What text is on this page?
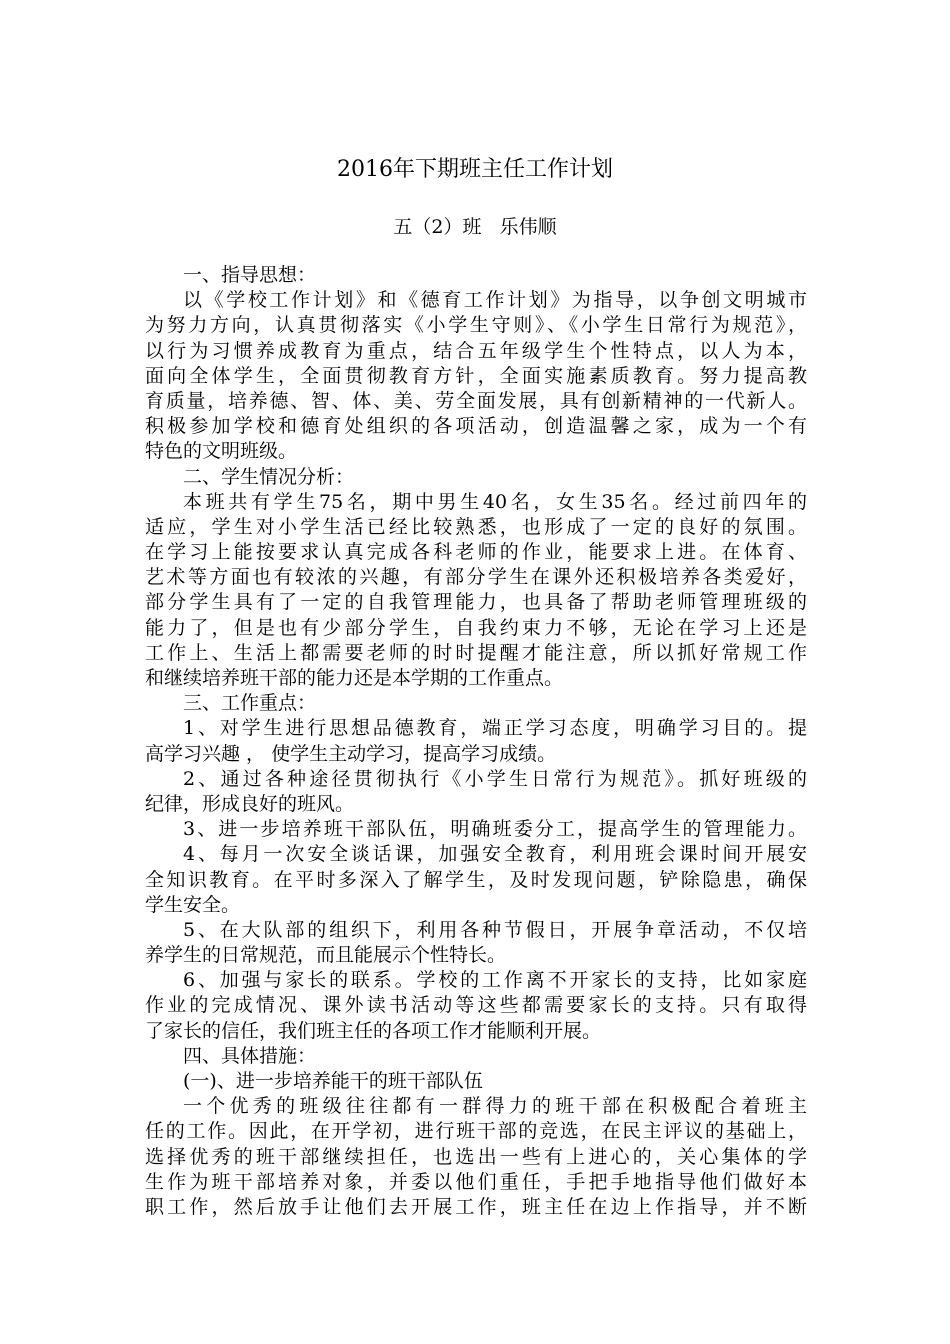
2016年下期班主任工作计划
五（2）班   乐伟顺
一、指导思想：
以《学校工作计划》和《德育工作计划》为指导，以争创文明城市
为努力方向，认真贯彻落实《小学生守则》、《小学生日常行为规范》，
以行为习惯养成教育为重点，结合五年级学生个性特点，以人为本，
面向全体学生，全面贯彻教育方针，全面实施素质教育。努力提高教
育质量，培养德、智、体、美、劳全面发展，具有创新精神的一代新人。
积极参加学校和德育处组织的各项活动，创造温馨之家，成为一个有
特色的文明班级。
二、学生情况分析：
本班共有学生75名，期中男生40名，女生35名。经过前四年的
适应，学生对小学生活已经比较熟悉，也形成了一定的良好的氛围。
在学习上能按要求认真完成各科老师的作业，能要求上进。在体育、
艺术等方面也有较浓的兴趣，有部分学生在课外还积极培养各类爱好，
部分学生具有了一定的自我管理能力，也具备了帮助老师管理班级的
能力了，但是也有少部分学生，自我约束力不够，无论在学习上还是
工作上、生活上都需要老师的时时提醒才能注意，所以抓好常规工作
和继续培养班干部的能力还是本学期的工作重点。
三、工作重点：
1、对学生进行思想品德教育，端正学习态度，明确学习目的。提
高学习兴趣 ， 使学生主动学习，提高学习成绩。
2、通过各种途径贯彻执行《小学生日常行为规范》。抓好班级的
纪律，形成良好的班风。
3、进一步培养班干部队伍，明确班委分工，提高学生的管理能力。
4、每月一次安全谈话课，加强安全教育，利用班会课时间开展安
全知识教育。在平时多深入了解学生，及时发现问题，铲除隐患，确保
学生安全。
5、在大队部的组织下，利用各种节假日，开展争章活动，不仅培
养学生的日常规范，而且能展示个性特长。
6、加强与家长的联系。学校的工作离不开家长的支持，比如家庭
作业的完成情况、课外读书活动等这些都需要家长的支持。只有取得
了家长的信任，我们班主任的各项工作才能顺利开展。
四、具体措施：
(一)、进一步培养能干的班干部队伍
一个优秀的班级往往都有一群得力的班干部在积极配合着班主
任的工作。因此，在开学初，进行班干部的竞选，在民主评议的基础上，
选择优秀的班干部继续担任，也选出一些有上进心的，关心集体的学
生作为班干部培养对象，并委以他们重任，手把手地指导他们做好本
职工作，然后放手让他们去开展工作，班主任在边上作指导，并不断
